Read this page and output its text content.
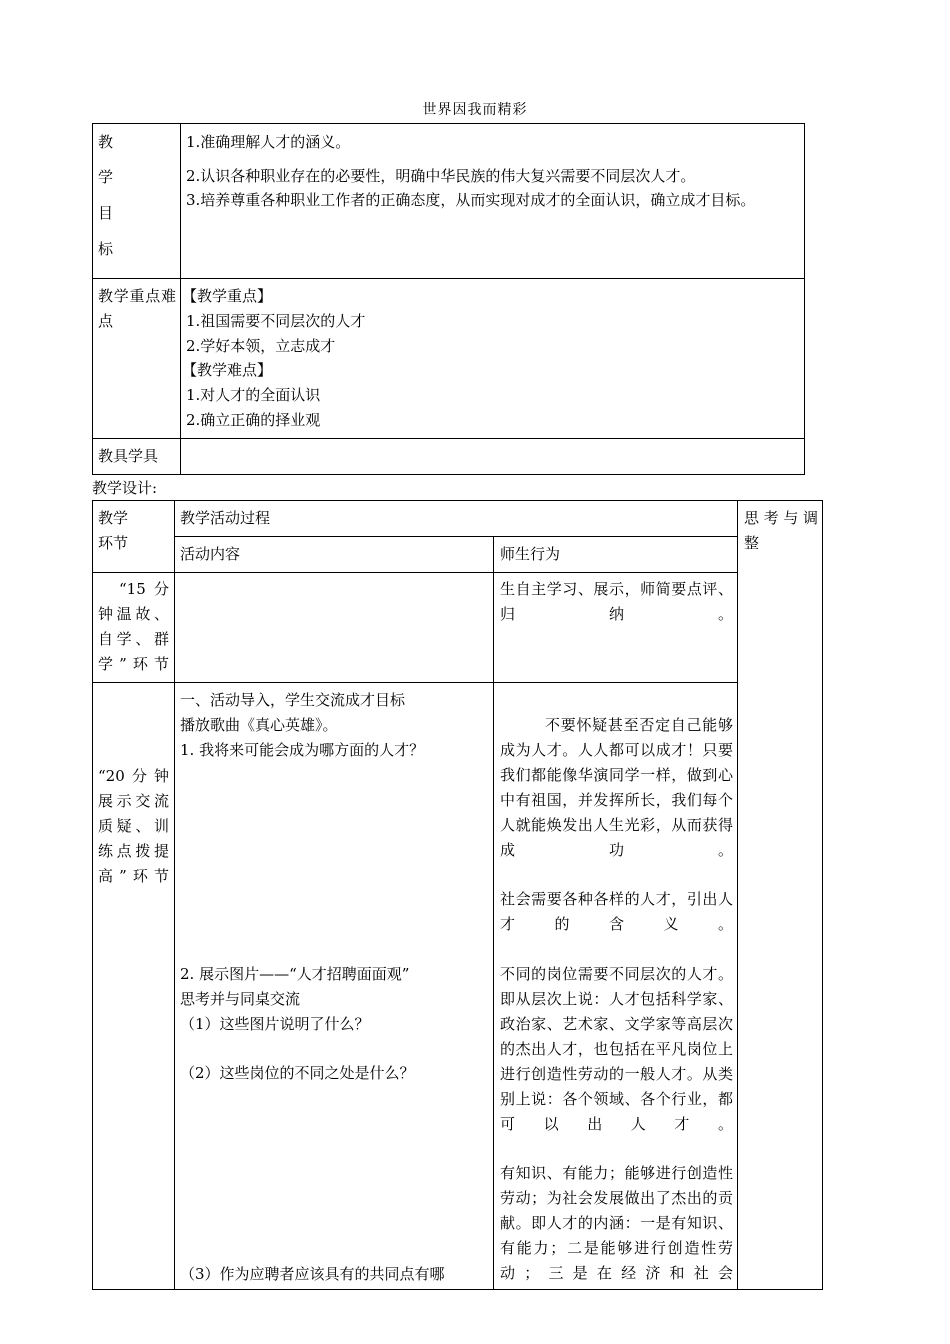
世界因我而精彩
教
学
目
标
1.准确理解人才的涵义。
2.认识各种职业存在的必要性，明确中华民族的伟大复兴需要不同层次人才。
3.培养尊重各种职业工作者的正确态度，从而实现对成才的全面认识，确立成才目标。
教学重点难点
【教学重点】
1.祖国需要不同层次的人才
2.学好本领，立志成才
【教学难点】
1.对人才的全面认识
2.确立正确的择业观
教具学具
教学设计:
教学环节
教学活动过程
活动内容	师生行为
思考与调整
“15分钟温故、自学、群学”环节
生自主学习、展示，师简要点评、归纳。
“20分钟展示交流质疑、训练点拨提高”环节
一、活动导入，学生交流成才目标
播放歌曲《真心英雄》。
1. 我将来可能会成为哪方面的人才？
2. 展示图片——“人才招聘面面观”
思考并与同桌交流
（1）这些图片说明了什么？
（2）这些岗位的不同之处是什么？
（3）作为应聘者应该具有的共同点有哪
不要怀疑甚至否定自己能够成为人才。人人都可以成才！只要我们都能像华演同学一样，做到心中有祖国，并发挥所长，我们每个人就能焕发出人生光彩，从而获得成功。
社会需要各种各样的人才，引出人才的含义。
不同的岗位需要不同层次的人才。即从层次上说：人才包括科学家、政治家、艺术家、文学家等高层次的杰出人才，也包括在平凡岗位上进行创造性劳动的一般人才。从类别上说：各个领域、各个行业，都可以出人才。
有知识、有能力；能够进行创造性劳动；为社会发展做出了杰出的贡献。即人才的内涵：一是有知识、有能力；二是能够进行创造性劳动；三是在经济和社会
